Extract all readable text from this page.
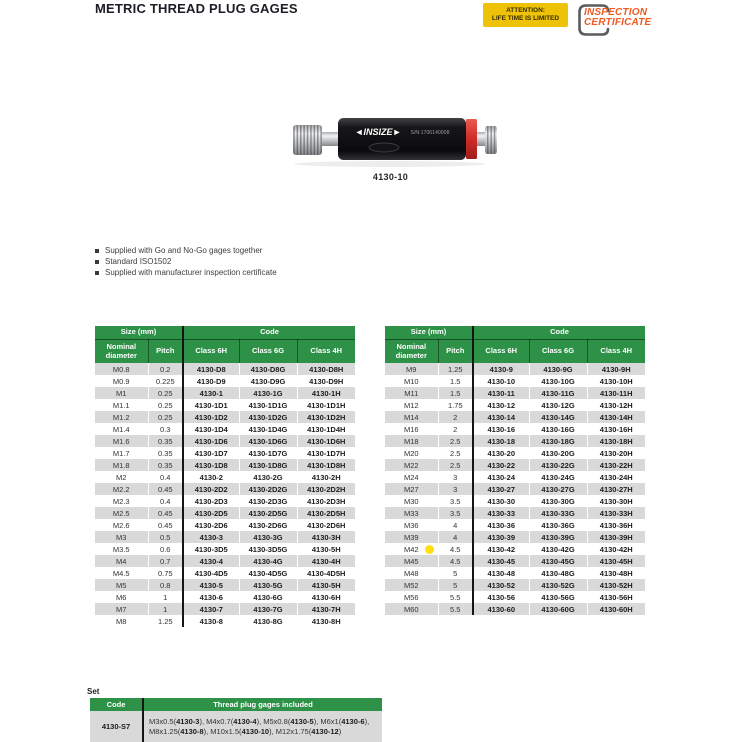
METRIC THREAD PLUG GAGES	ATTENTION:
LIFE TIME IS LIMITED
INSPECTION
CERTIFICATE
◄INSIZE► S/N:1706140008
4130-10
Supplied with Go and No-Go gages together
Standard ISO1502
Supplied with manufacturer inspection certificate
Size (mm)		Code		
Nominal diameter	Pitch	Class 6H	Class 6G	Class 4H
M0.8	0.2	4130-D8	4130-D8G	4130-D8H
M0.9	0.225	4130-D9	4130-D9G	4130-D9H
M1	0.25	4130-1	4130-1G	4130-1H
M1.1	0.25	4130-1D1	4130-1D1G	4130-1D1H
M1.2	0.25	4130-1D2	4130-1D2G	4130-1D2H
M1.4	0.3	4130-1D4	4130-1D4G	4130-1D4H
M1.6	0.35	4130-1D6	4130-1D6G	4130-1D6H
M1.7	0.35	4130-1D7	4130-1D7G	4130-1D7H
M1.8	0.35	4130-1D8	4130-1D8G	4130-1D8H
M2	0.4	4130-2	4130-2G	4130-2H
M2.2	0.45	4130-2D2	4130-2D2G	4130-2D2H
M2.3	0.4	4130-2D3	4130-2D3G	4130-2D3H
M2.5	0.45	4130-2D5	4130-2D5G	4130-2D5H
M2.6	0.45	4130-2D6	4130-2D6G	4130-2D6H
M3	0.5	4130-3	4130-3G	4130-3H
M3.5	0.6	4130-3D5	4130-3D5G	4130-5H
M4	0.7	4130-4	4130-4G	4130-4H
M4.5	0.75	4130-4D5	4130-4D5G	4130-4D5H
M5	0.8	4130-5	4130-5G	4130-5H
M6	1	4130-6	4130-6G	4130-6H
M7	1	4130-7	4130-7G	4130-7H
M8	1.25	4130-8	4130-8G	4130-8H
Size (mm)		Code		
Nominal diameter	Pitch	Class 6H	Class 6G	Class 4H
M9	1.25	4130-9	4130-9G	4130-9H
M10	1.5	4130-10	4130-10G	4130-10H
M11	1.5	4130-11	4130-11G	4130-11H
M12	1.75	4130-12	4130-12G	4130-12H
M14	2	4130-14	4130-14G	4130-14H
M16	2	4130-16	4130-16G	4130-16H
M18	2.5	4130-18	4130-18G	4130-18H
M20	2.5	4130-20	4130-20G	4130-20H
M22	2.5	4130-22	4130-22G	4130-22H
M24	3	4130-24	4130-24G	4130-24H
M27	3	4130-27	4130-27G	4130-27H
M30	3.5	4130-30	4130-30G	4130-30H
M33	3.5	4130-33	4130-33G	4130-33H
M36	4	4130-36	4130-36G	4130-36H
M39	4	4130-39	4130-39G	4130-39H
M42	4.5	4130-42	4130-42G	4130-42H
M45	4.5	4130-45	4130-45G	4130-45H
M48	5	4130-48	4130-48G	4130-48H
M52	5	4130-52	4130-52G	4130-52H
M56	5.5	4130-56	4130-56G	4130-56H
M60	5.5	4130-60	4130-60G	4130-60H
Set
Code	Thread plug gages included
4130-S7	M3x0.5(4130-3), M4x0.7(4130-4), M5x0.8(4130-5), M6x1(4130-6), M8x1.25(4130-8), M10x1.5(4130-10), M12x1.75(4130-12)
